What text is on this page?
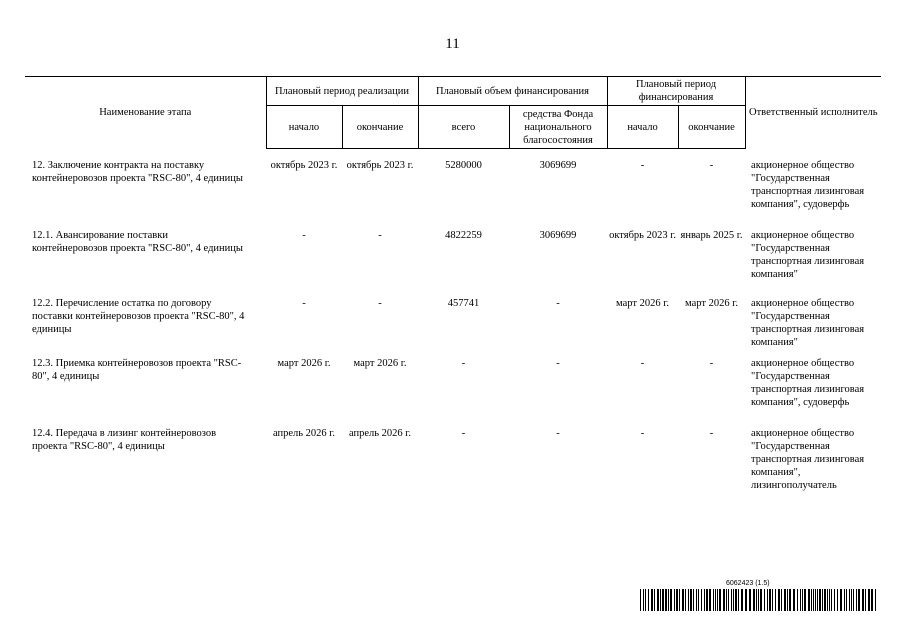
11
Наименование этапа	Плановый период реализации		Плановый объем финансирования		Плановый период финансирования		Ответственный исполнитель
	начало	окончание	всего	средства Фонда национального благосостояния	начало	окончание	
12. Заключение контракта на поставку контейнеровозов проекта "RSC-80", 4 единицы	октябрь 2023 г.	октябрь 2023 г.	5280000	3069699	-	-	акционерное общество "Государственная транспортная лизинговая компания", судоверфь
12.1. Авансирование поставки контейнеровозов проекта "RSC-80", 4 единицы	-	-	4822259	3069699	октябрь 2023 г.	январь 2025 г.	акционерное общество "Государственная транспортная лизинговая компания"
12.2. Перечисление остатка по договору поставки контейнеровозов проекта "RSC-80", 4 единицы	-	-	457741	-	март 2026 г.	март 2026 г.	акционерное общество "Государственная транспортная лизинговая компания"
12.3. Приемка контейнеровозов проекта "RSC-80", 4 единицы	март 2026 г.	март 2026 г.	-	-	-	-	акционерное общество "Государственная транспортная лизинговая компания", судоверфь
12.4. Передача в лизинг контейнеровозов проекта "RSC-80", 4 единицы	апрель 2026 г.	апрель 2026 г.	-	-	-	-	акционерное общество "Государственная транспортная лизинговая компания", лизингополучатель
6062423 (1.5)
